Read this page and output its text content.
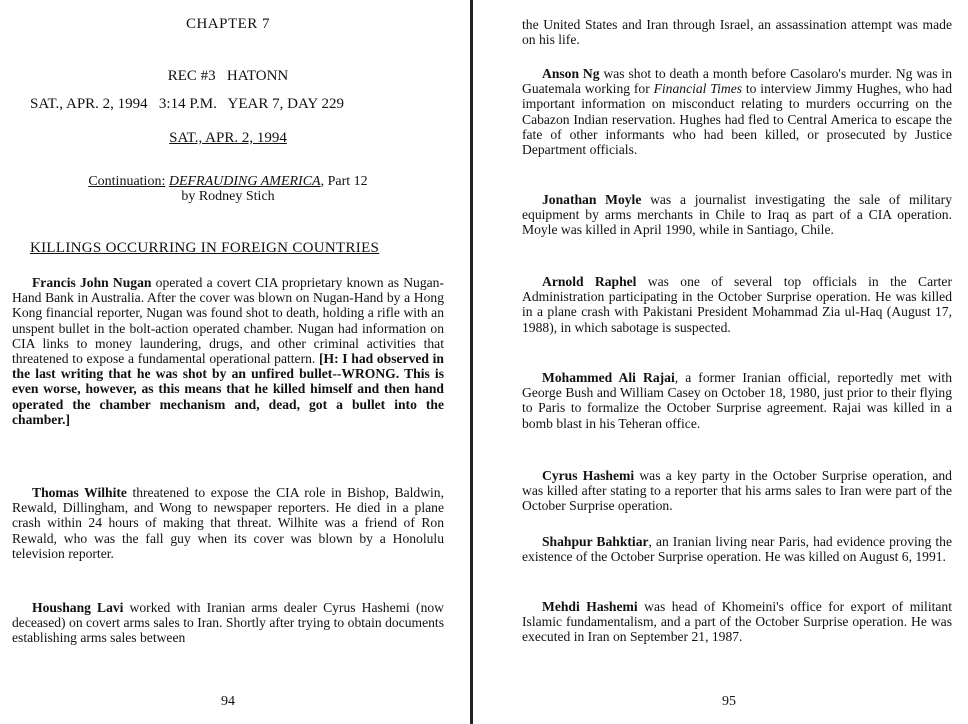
CHAPTER 7
REC #3   HATONN
SAT., APR. 2, 1994   3:14 P.M.   YEAR 7, DAY 229
SAT., APR. 2, 1994
Continuation: DEFRAUDING AMERICA, Part 12
by Rodney Stich
KILLINGS OCCURRING IN FOREIGN COUNTRIES
Francis John Nugan operated a covert CIA proprietary known as Nugan-Hand Bank in Australia. After the cover was blown on Nugan-Hand by a Hong Kong financial reporter, Nugan was found shot to death, holding a rifle with an unspent bullet in the bolt-action operated chamber. Nugan had information on CIA links to money laundering, drugs, and other criminal activities that threatened to expose a fundamental operational pattern. [H: I had observed in the last writing that he was shot by an unfired bullet--WRONG. This is even worse, however, as this means that he killed himself and then hand operated the chamber mechanism and, dead, got a bullet into the chamber.]
Thomas Wilhite threatened to expose the CIA role in Bishop, Baldwin, Rewald, Dillingham, and Wong to newspaper reporters. He died in a plane crash within 24 hours of making that threat. Wilhite was a friend of Ron Rewald, who was the fall guy when its cover was blown by a Honolulu television reporter.
Houshang Lavi worked with Iranian arms dealer Cyrus Hashemi (now deceased) on covert arms sales to Iran. Shortly after trying to obtain documents establishing arms sales between
94
the United States and Iran through Israel, an assassination attempt was made on his life.
Anson Ng was shot to death a month before Casolaro's murder. Ng was in Guatemala working for Financial Times to interview Jimmy Hughes, who had important information on misconduct relating to murders occurring on the Cabazon Indian reservation. Hughes had fled to Central America to escape the fate of other informants who had been killed, or prosecuted by Justice Department officials.
Jonathan Moyle was a journalist investigating the sale of military equipment by arms merchants in Chile to Iraq as part of a CIA operation. Moyle was killed in April 1990, while in Santiago, Chile.
Arnold Raphel was one of several top officials in the Carter Administration participating in the October Surprise operation. He was killed in a plane crash with Pakistani President Mohammad Zia ul-Haq (August 17, 1988), in which sabotage is suspected.
Mohammed Ali Rajai, a former Iranian official, reportedly met with George Bush and William Casey on October 18, 1980, just prior to their flying to Paris to formalize the October Surprise agreement. Rajai was killed in a bomb blast in his Teheran office.
Cyrus Hashemi was a key party in the October Surprise operation, and was killed after stating to a reporter that his arms sales to Iran were part of the October Surprise operation.
Shahpur Bahktiar, an Iranian living near Paris, had evidence proving the existence of the October Surprise operation. He was killed on August 6, 1991.
Mehdi Hashemi was head of Khomeini's office for export of militant Islamic fundamentalism, and a part of the October Surprise operation. He was executed in Iran on September 21, 1987.
95
